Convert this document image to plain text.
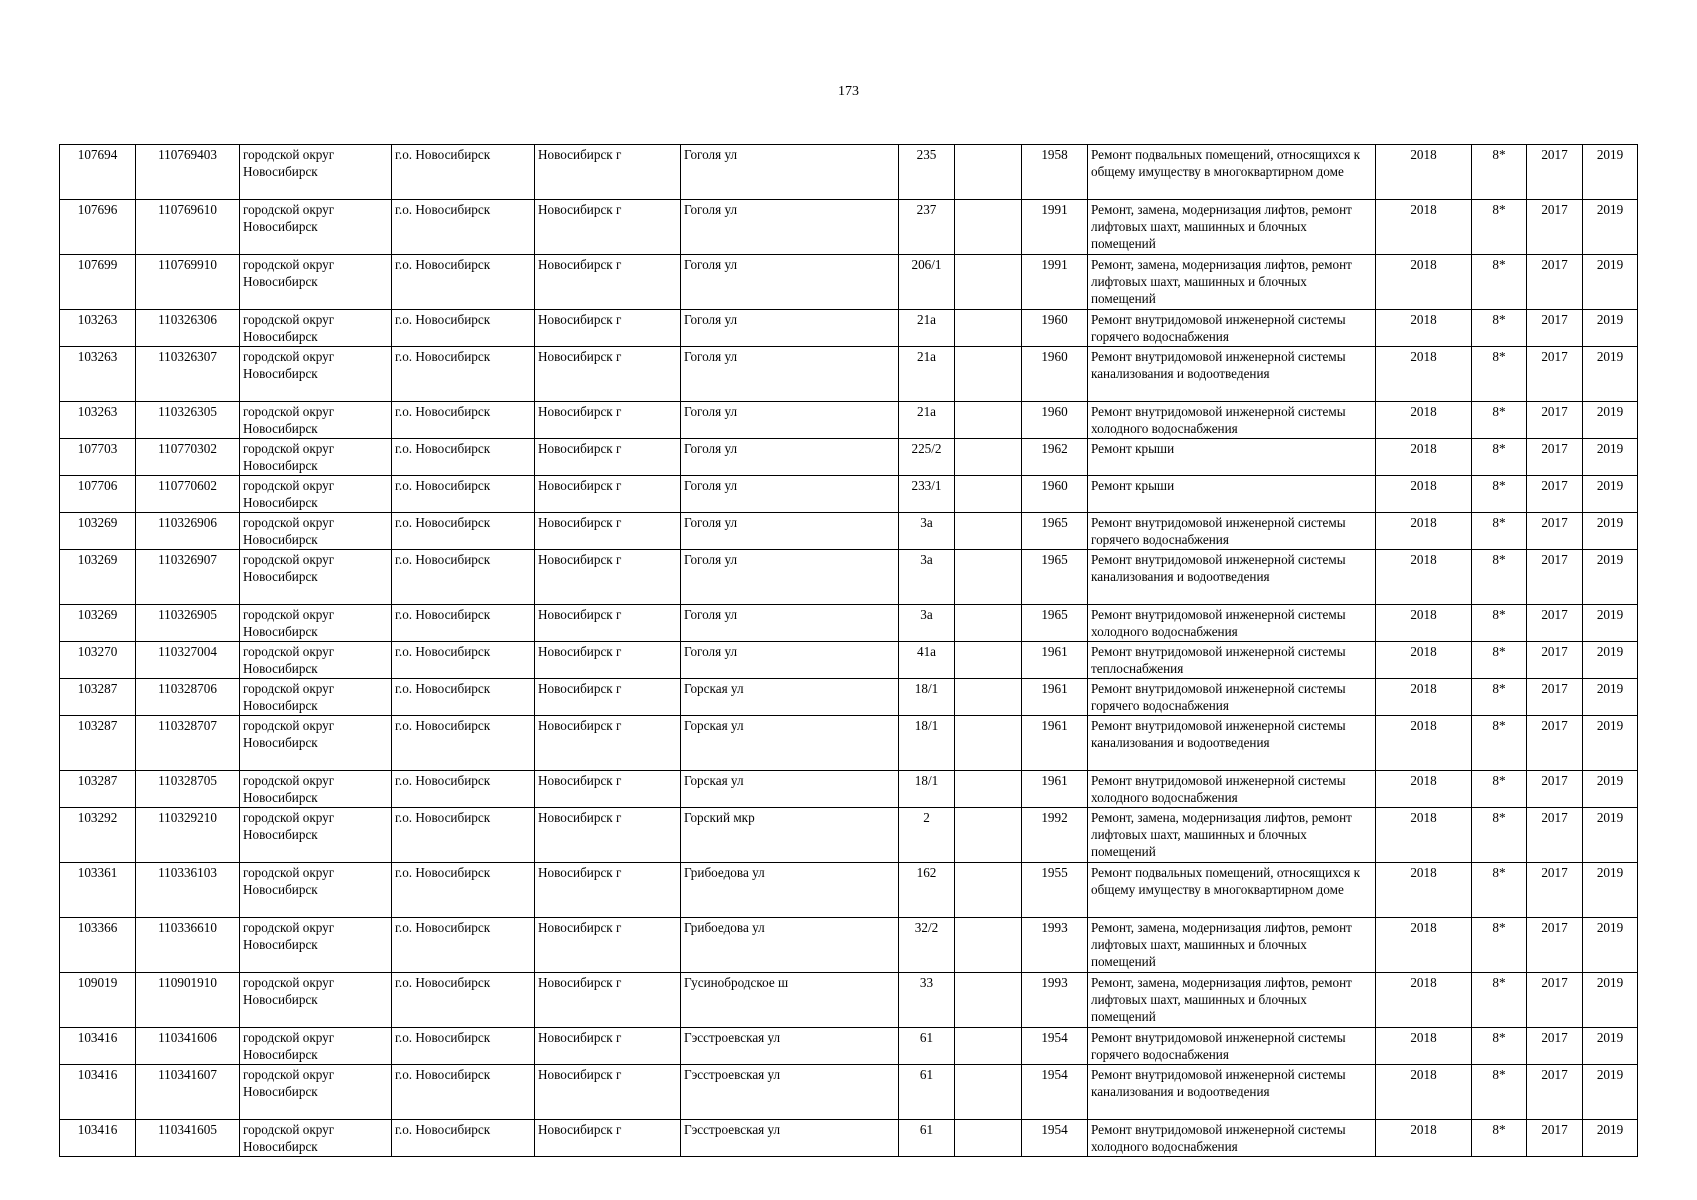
173
107694	110769403	городской округ Новосибирск	г.о. Новосибирск	Новосибирск г	Гоголя ул	235		1958	Ремонт подвальных помещений, относящихся к общему имуществу в многоквартирном доме	2018	8*	2017	2019
107696	110769610	городской округ Новосибирск	г.о. Новосибирск	Новосибирск г	Гоголя ул	237		1991	Ремонт, замена, модернизация лифтов, ремонт лифтовых шахт, машинных и блочных помещений	2018	8*	2017	2019
107699	110769910	городской округ Новосибирск	г.о. Новосибирск	Новосибирск г	Гоголя ул	206/1		1991	Ремонт, замена, модернизация лифтов, ремонт лифтовых шахт, машинных и блочных помещений	2018	8*	2017	2019
103263	110326306	городской округ Новосибирск	г.о. Новосибирск	Новосибирск г	Гоголя ул	21а		1960	Ремонт внутридомовой инженерной системы горячего водоснабжения	2018	8*	2017	2019
103263	110326307	городской округ Новосибирск	г.о. Новосибирск	Новосибирск г	Гоголя ул	21а		1960	Ремонт внутридомовой инженерной системы канализования и водоотведения	2018	8*	2017	2019
103263	110326305	городской округ Новосибирск	г.о. Новосибирск	Новосибирск г	Гоголя ул	21а		1960	Ремонт внутридомовой инженерной системы холодного водоснабжения	2018	8*	2017	2019
107703	110770302	городской округ Новосибирск	г.о. Новосибирск	Новосибирск г	Гоголя ул	225/2		1962	Ремонт крыши	2018	8*	2017	2019
107706	110770602	городской округ Новосибирск	г.о. Новосибирск	Новосибирск г	Гоголя ул	233/1		1960	Ремонт крыши	2018	8*	2017	2019
103269	110326906	городской округ Новосибирск	г.о. Новосибирск	Новосибирск г	Гоголя ул	3а		1965	Ремонт внутридомовой инженерной системы горячего водоснабжения	2018	8*	2017	2019
103269	110326907	городской округ Новосибирск	г.о. Новосибирск	Новосибирск г	Гоголя ул	3а		1965	Ремонт внутридомовой инженерной системы канализования и водоотведения	2018	8*	2017	2019
103269	110326905	городской округ Новосибирск	г.о. Новосибирск	Новосибирск г	Гоголя ул	3а		1965	Ремонт внутридомовой инженерной системы холодного водоснабжения	2018	8*	2017	2019
103270	110327004	городской округ Новосибирск	г.о. Новосибирск	Новосибирск г	Гоголя ул	41а		1961	Ремонт внутридомовой инженерной системы теплоснабжения	2018	8*	2017	2019
103287	110328706	городской округ Новосибирск	г.о. Новосибирск	Новосибирск г	Горская ул	18/1		1961	Ремонт внутридомовой инженерной системы горячего водоснабжения	2018	8*	2017	2019
103287	110328707	городской округ Новосибирск	г.о. Новосибирск	Новосибирск г	Горская ул	18/1		1961	Ремонт внутридомовой инженерной системы канализования и водоотведения	2018	8*	2017	2019
103287	110328705	городской округ Новосибирск	г.о. Новосибирск	Новосибирск г	Горская ул	18/1		1961	Ремонт внутридомовой инженерной системы холодного водоснабжения	2018	8*	2017	2019
103292	110329210	городской округ Новосибирск	г.о. Новосибирск	Новосибирск г	Горский мкр	2		1992	Ремонт, замена, модернизация лифтов, ремонт лифтовых шахт, машинных и блочных помещений	2018	8*	2017	2019
103361	110336103	городской округ Новосибирск	г.о. Новосибирск	Новосибирск г	Грибоедова ул	162		1955	Ремонт подвальных помещений, относящихся к общему имуществу в многоквартирном доме	2018	8*	2017	2019
103366	110336610	городской округ Новосибирск	г.о. Новосибирск	Новосибирск г	Грибоедова ул	32/2		1993	Ремонт, замена, модернизация лифтов, ремонт лифтовых шахт, машинных и блочных помещений	2018	8*	2017	2019
109019	110901910	городской округ Новосибирск	г.о. Новосибирск	Новосибирск г	Гусинобродское ш	33		1993	Ремонт, замена, модернизация лифтов, ремонт лифтовых шахт, машинных и блочных помещений	2018	8*	2017	2019
103416	110341606	городской округ Новосибирск	г.о. Новосибирск	Новосибирск г	Гэсстроевская ул	61		1954	Ремонт внутридомовой инженерной системы горячего водоснабжения	2018	8*	2017	2019
103416	110341607	городской округ Новосибирск	г.о. Новосибирск	Новосибирск г	Гэсстроевская ул	61		1954	Ремонт внутридомовой инженерной системы канализования и водоотведения	2018	8*	2017	2019
103416	110341605	городской округ Новосибирск	г.о. Новосибирск	Новосибирск г	Гэсстроевская ул	61		1954	Ремонт внутридомовой инженерной системы холодного водоснабжения	2018	8*	2017	2019
